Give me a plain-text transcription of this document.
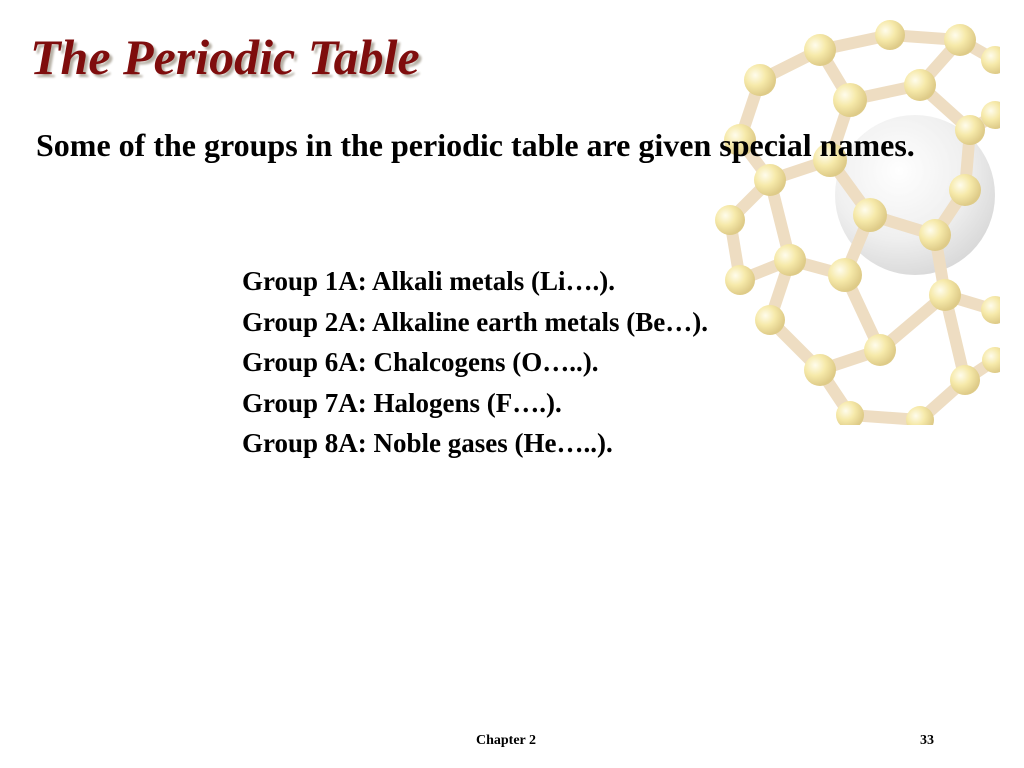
The Periodic Table

Some of the groups in the periodic table are given special names.

Group 1A: Alkali metals (Li….).
Group 2A: Alkaline earth metals (Be…).
Group 6A: Chalcogens (O…..).
Group 7A: Halogens (F….).
Group 8A: Noble gases (He…..).
Chapter 2	33
